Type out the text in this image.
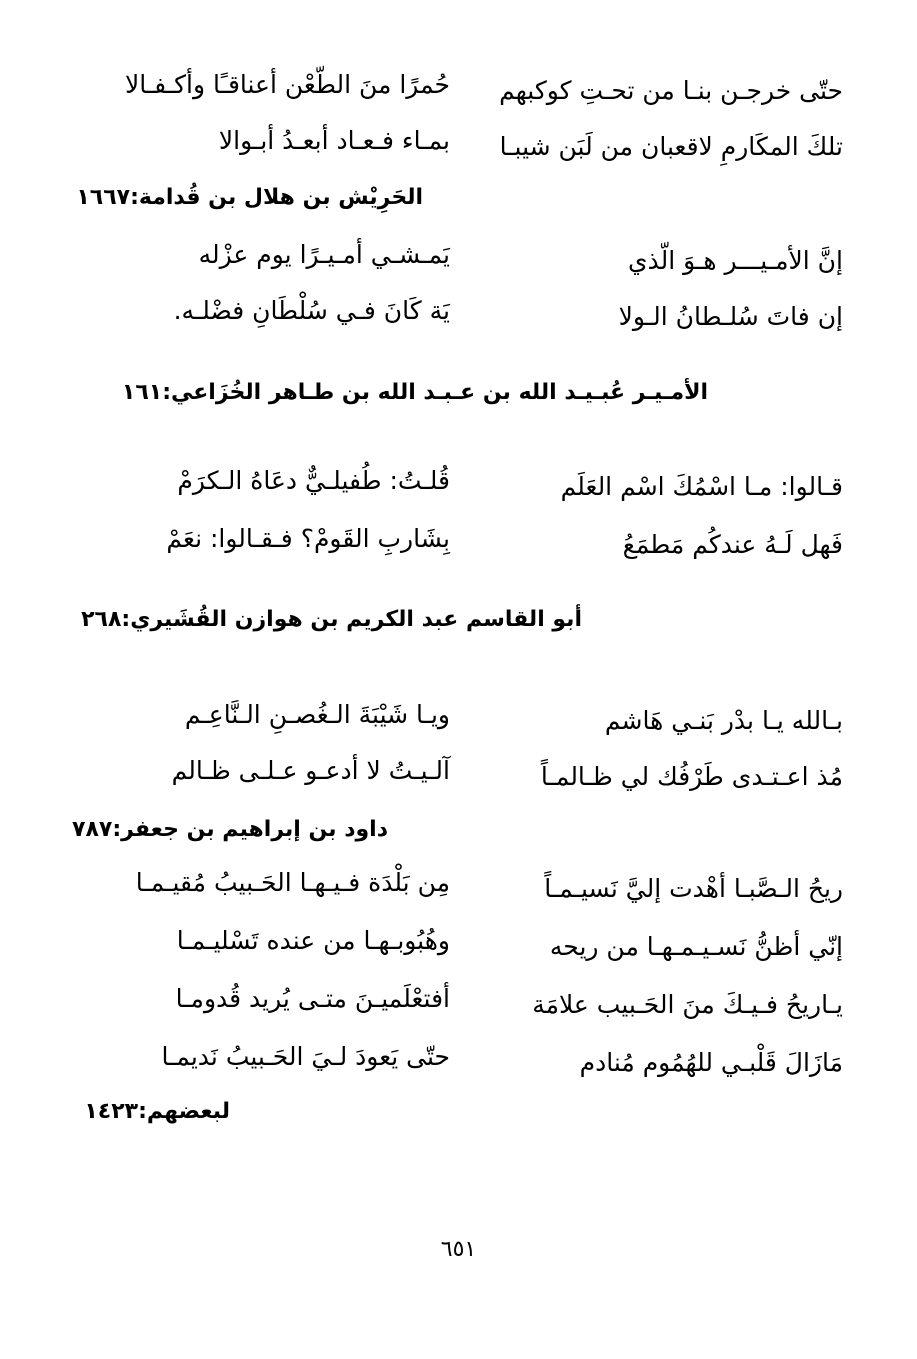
حتّى خرجـن بنـا من تحـتِ كوكبهم
حُمرًا منَ الطّعْن أعناقـًا وأكـفـالا
تلكَ المكَارمِ لاقعبان من لَبَن شيبـا
بمـاء فـعـاد أبعـدُ أبـوالا
الحَرِيْش بن هلال بن قُدامة:١٦٦٧
إنَّ الأمـيـــر هـوَ الّذي
يَمـشـي أمـيـرًا يوم عزْله
إن فاتَ سُلـطانُ الـولا
يَة كَانَ فـي سُلْطَانِ فضْلـه.
الأمـيـر عُبـيـد الله بن عـبـد الله بن طـاهر الخُزَاعي:١٦١
قـالوا: مـا اسْمُكَ اسْم العَلَم
قُلـتُ: طُفيلـيٌّ دعَاهُ الـكرَمْ
فَهل لَـهُ عندكُم مَطمَعُ
بِشَاربِ القَومْ؟ فـقـالوا: نعَمْ
أبو القاسم عبد الكريم بن هوازن القُشَيري:٢٦٨
بـالله يـا بدْر بَنـي هَاشم
ويـا شَيْبَةَ الـغُصـنِ الـنَّاعِـم
مُذ اعـتـدى طَرْفُك لي ظـالمـاً
آلـيـتُ لا أدعـو عـلـى ظـالم
داود بن إبراهيم بن جعفر:٧٨٧
ريحُ الـصَّبـا أهْدت إليَّ نَسيـمـاً
مِن بَلْدَة فـيـهـا الحَـبيبُ مُقيـمـا
إنّي أظنُّ نَسـيـمـهـا من ريحه
وهُبُوبـهـا من عنده تَسْليـمـا
يـاريحُ فـيـكَ منَ الحَـبيب علامَة
أفتعْلَميـنَ متـى يُريد قُدومـا
مَازَالَ قَلْبـي للهُمُوم مُنادم
حتّى يَعودَ لـيَ الحَـبيبُ نَديمـا
لبعضهم:١٤٢٣
٦٥١
